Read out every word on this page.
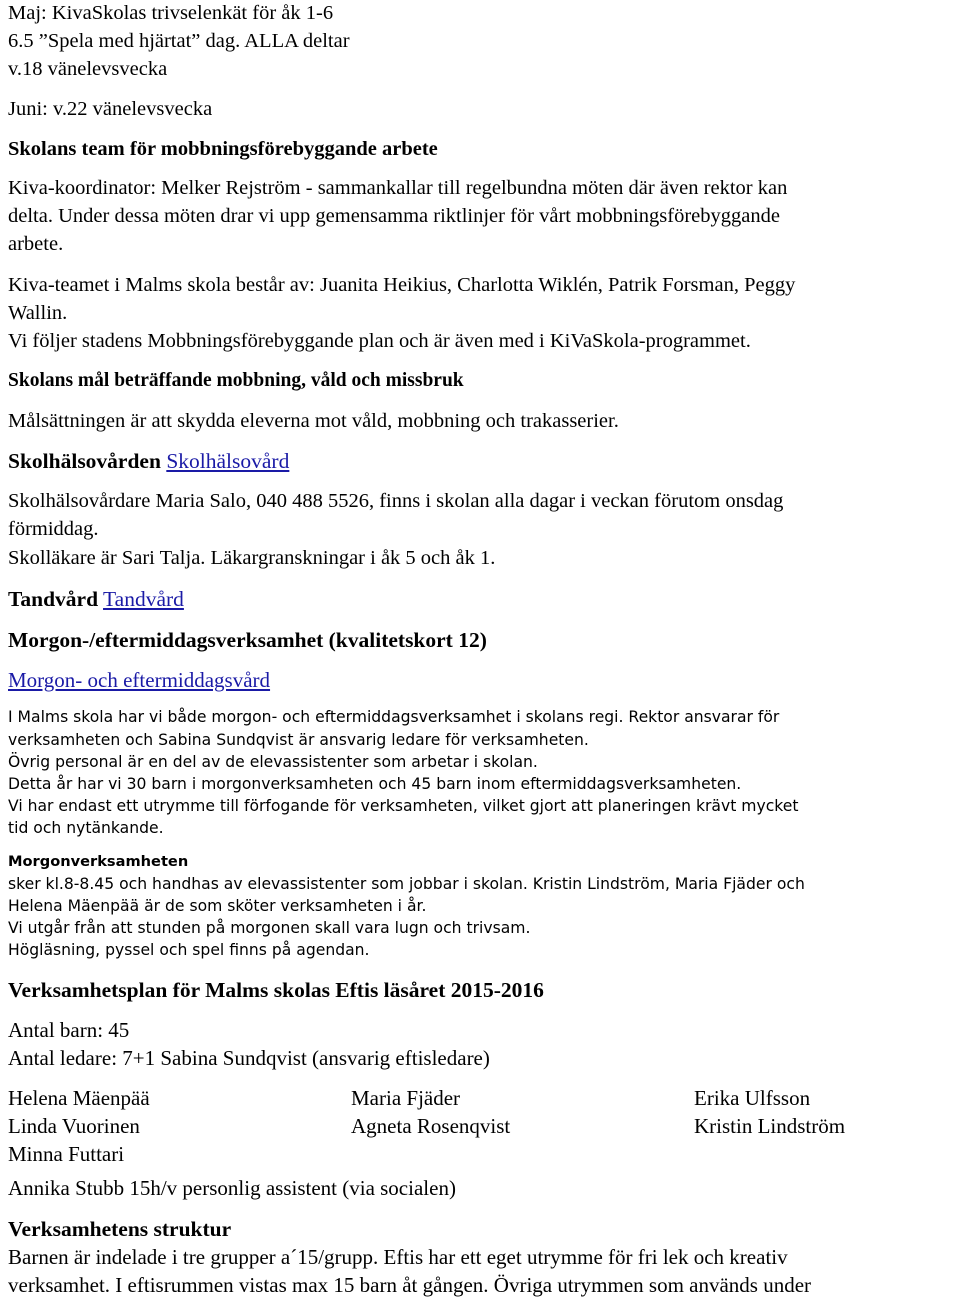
Maj: KivaSkolas trivselenkät för åk 1-6

6.5 ”Spela med hjärtat” dag. ALLA deltar

v.18 vänelevsvecka

Juni: v.22 vänelevsvecka

Skolans team för mobbningsförebyggande arbete

Kiva-koordinator: Melker Rejström - sammankallar till regelbundna möten där även rektor kan

delta. Under dessa möten drar vi upp gemensamma riktlinjer för vårt mobbningsförebyggande

arbete.

Kiva-teamet i Malms skola består av: Juanita Heikius, Charlotta Wiklén, Patrik Forsman, Peggy

Wallin.

Vi följer stadens Mobbningsförebyggande plan och är även med i KiVaSkola-programmet.

Skolans mål beträffande mobbning, våld och missbruk

Målsättningen är att skydda eleverna mot våld, mobbning och trakasserier.

Skolhälsovården Skolhälsovård

Skolhälsovårdare Maria Salo, 040 488 5526, finns i skolan alla dagar i veckan förutom onsdag

förmiddag.

Skolläkare är Sari Talja. Läkargranskningar i åk 5 och åk 1.

Tandvård Tandvård

Morgon-/eftermiddagsverksamhet (kvalitetskort 12)

Morgon- och eftermiddagsvård

I Malms skola har vi både morgon- och eftermiddagsverksamhet i skolans regi. Rektor ansvarar för

verksamheten och Sabina Sundqvist är ansvarig ledare för verksamheten.

Övrig personal är en del av de elevassistenter som arbetar i skolan.

Detta år har vi 30 barn i morgonverksamheten och 45 barn inom eftermiddagsverksamheten.

Vi har endast ett utrymme till förfogande för verksamheten, vilket gjort att planeringen krävt mycket

tid och nytänkande.

Morgonverksamheten

sker kl.8-8.45 och handhas av elevassistenter som jobbar i skolan. Kristin Lindström, Maria Fjäder och

Helena Mäenpää är de som sköter verksamheten i år.

Vi utgår från att stunden på morgonen skall vara lugn och trivsam.

Högläsning, pyssel och spel finns på agendan.

Verksamhetsplan för Malms skolas Eftis läsåret 2015-2016

Antal barn: 45

Antal ledare: 7+1 Sabina Sundqvist (ansvarig eftisledare)

Helena Mäenpää	Maria Fjäder	Erika Ulfsson
Linda Vuorinen	Agneta Rosenqvist	Kristin Lindström
Minna Futtari

Annika Stubb 15h/v personlig assistent (via socialen)

Verksamhetens struktur

Barnen är indelade i tre grupper a´15/grupp. Eftis har ett eget utrymme för fri lek och kreativ

verksamhet. I eftisrummen vistas max 15 barn åt gången. Övriga utrymmen som används under
